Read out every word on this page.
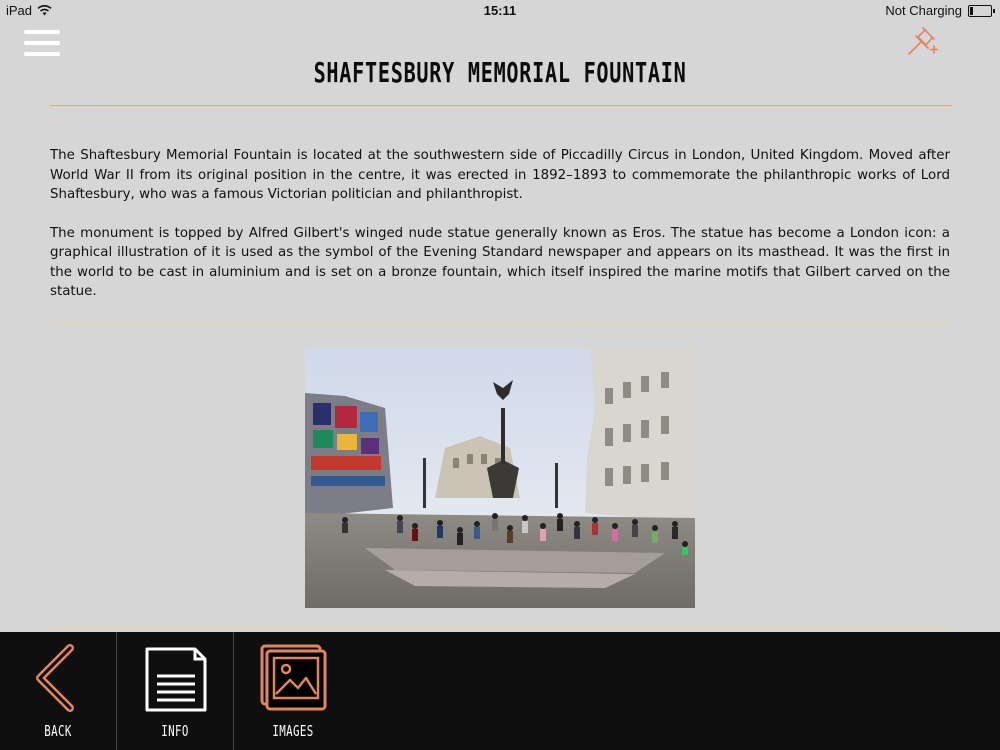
iPad	15:11	Not Charging
SHAFTESBURY MEMORIAL FOUNTAIN

The Shaftesbury Memorial Fountain is located at the southwestern side of Piccadilly Circus in London, United Kingdom. Moved after World War II from its original position in the centre, it was erected in 1892–1893 to commemorate the philanthropic works of Lord Shaftesbury, who was a famous Victorian politician and philanthropist.

The monument is topped by Alfred Gilbert's winged nude statue generally known as Eros. The statue has become a London icon: a graphical illustration of it is used as the symbol of the Evening Standard newspaper and appears on its masthead. It was the first in the world to be cast in aluminium and is set on a bronze fountain, which itself inspired the marine motifs that Gilbert carved on the statue.

BACK	INFO	IMAGES
